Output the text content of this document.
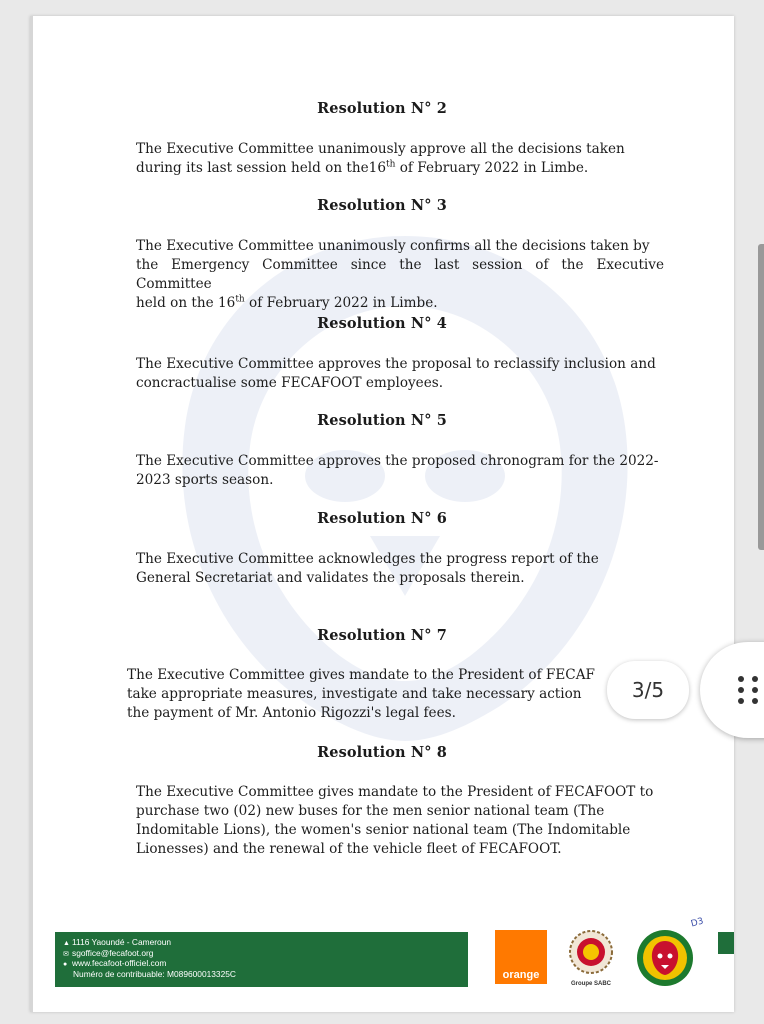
Resolution N° 2
The Executive Committee unanimously approve all the decisions taken
during its last session held on the16th of February 2022 in Limbe.
Resolution N° 3
The Executive Committee unanimously confirms all the decisions taken by
the Emergency Committee since the last session of the Executive Committee
held on the 16th of February 2022 in Limbe.
Resolution N° 4
The Executive Committee approves the proposal to reclassify inclusion and
concractualise some FECAFOOT employees.
Resolution N° 5
The Executive Committee approves the proposed chronogram for the 2022-
2023 sports season.
Resolution N° 6
The Executive Committee acknowledges the progress report of the
General Secretariat and validates the proposals therein.
Resolution N° 7
The Executive Committee gives mandate to the President of FECAF
take appropriate measures, investigate and take necessary action
the payment of Mr. Antonio Rigozzi's legal fees.
Resolution N° 8
The Executive Committee gives mandate to the President of FECAFOOT to
purchase two (02) new buses for the men senior national team (The
Indomitable Lions), the women's senior national team (The Indomitable
Lionesses) and the renewal of the vehicle fleet of FECAFOOT.
D3
▲ 1116 Yaoundé - Cameroun
✉ sgoffice@fecafoot.org
● www.fecafoot-officiel.com
Numéro de contribuable: M089600013325C	orange
Groupe SABC
3/5
